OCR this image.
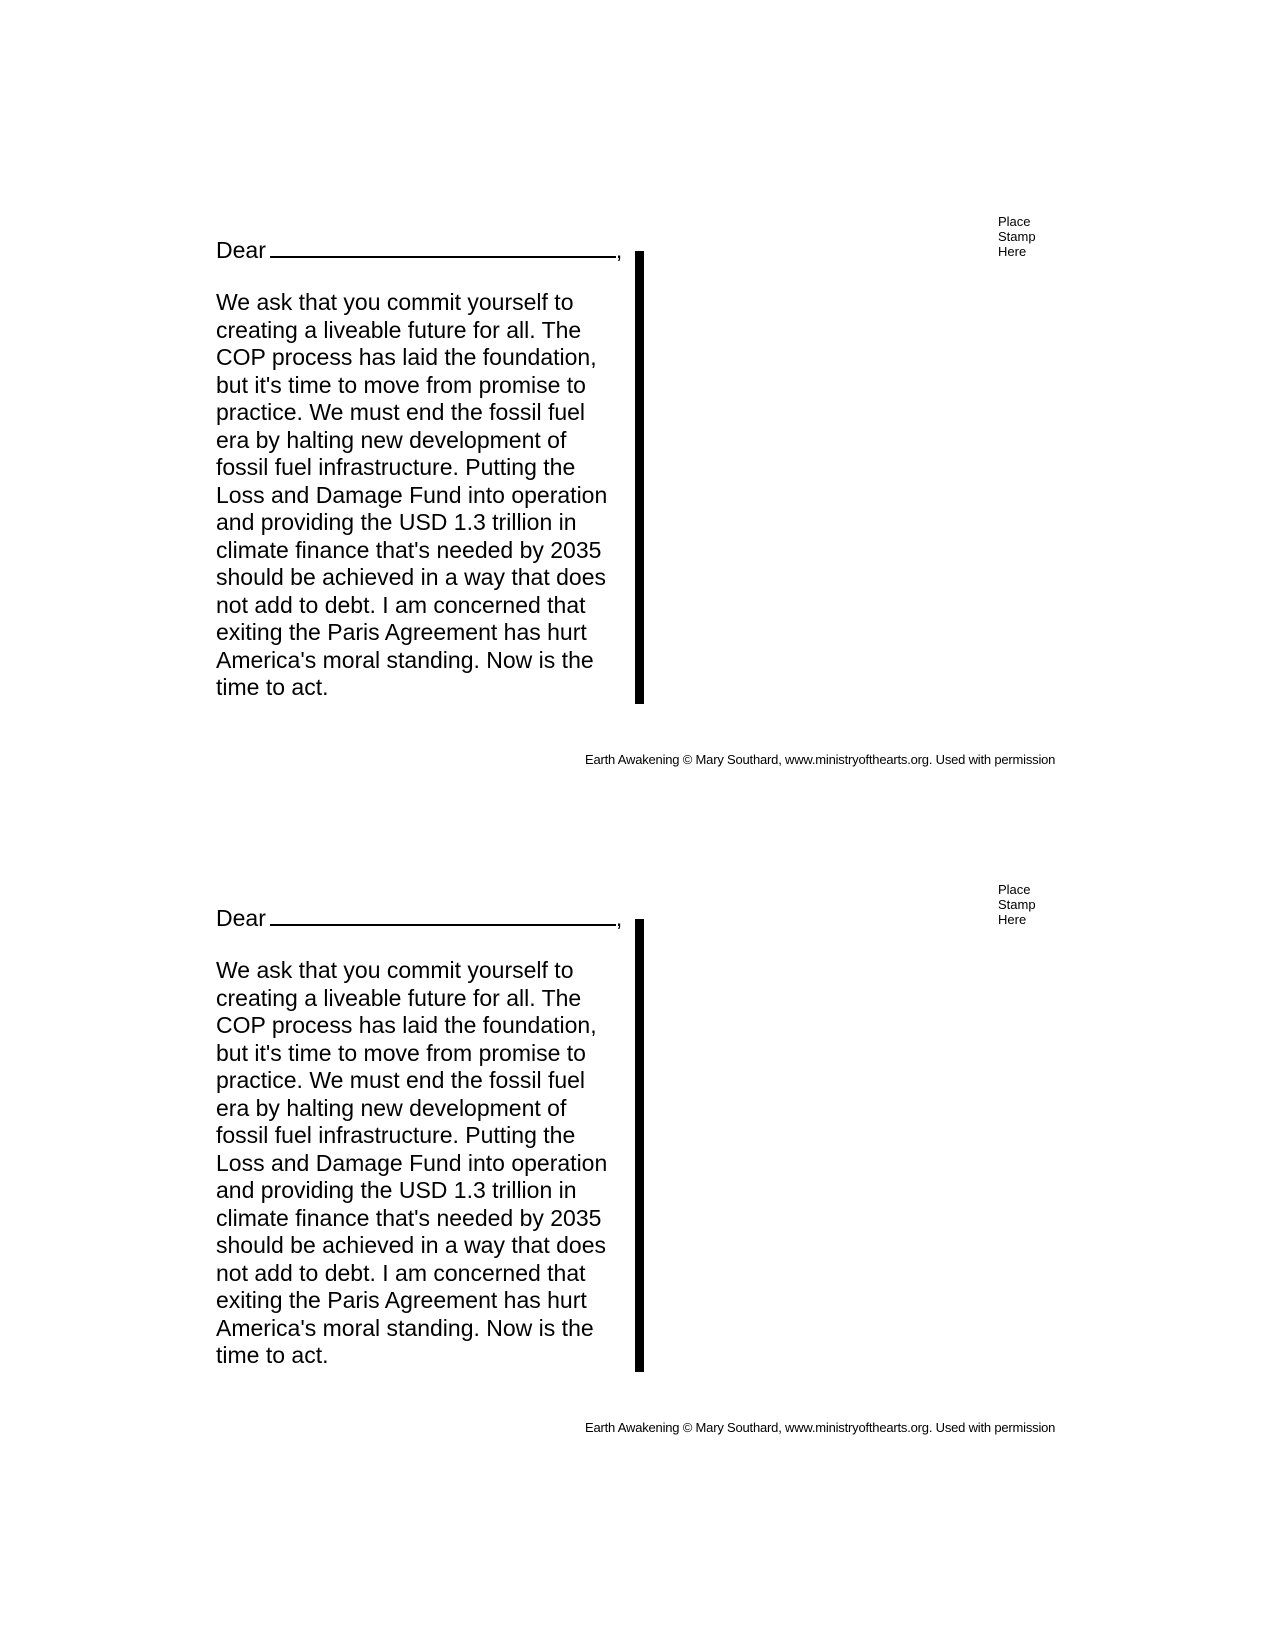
Place
Stamp
Here

Dear	,

We ask that you commit yourself to
creating a liveable future for all. The
COP process has laid the foundation,
but it's time to move from promise to
practice. We must end the fossil fuel
era by halting new development of
fossil fuel infrastructure. Putting the
Loss and Damage Fund into operation
and providing the USD 1.3 trillion in
climate finance that's needed by 2035
should be achieved in a way that does
not add to debt. I am concerned that
exiting the Paris Agreement has hurt
America's moral standing. Now is the
time to act.

Earth Awakening © Mary Southard, www.ministryofthearts.org. Used with permission

Place
Stamp
Here

Dear	,

We ask that you commit yourself to
creating a liveable future for all. The
COP process has laid the foundation,
but it's time to move from promise to
practice. We must end the fossil fuel
era by halting new development of
fossil fuel infrastructure. Putting the
Loss and Damage Fund into operation
and providing the USD 1.3 trillion in
climate finance that's needed by 2035
should be achieved in a way that does
not add to debt. I am concerned that
exiting the Paris Agreement has hurt
America's moral standing. Now is the
time to act.

Earth Awakening © Mary Southard, www.ministryofthearts.org. Used with permission
